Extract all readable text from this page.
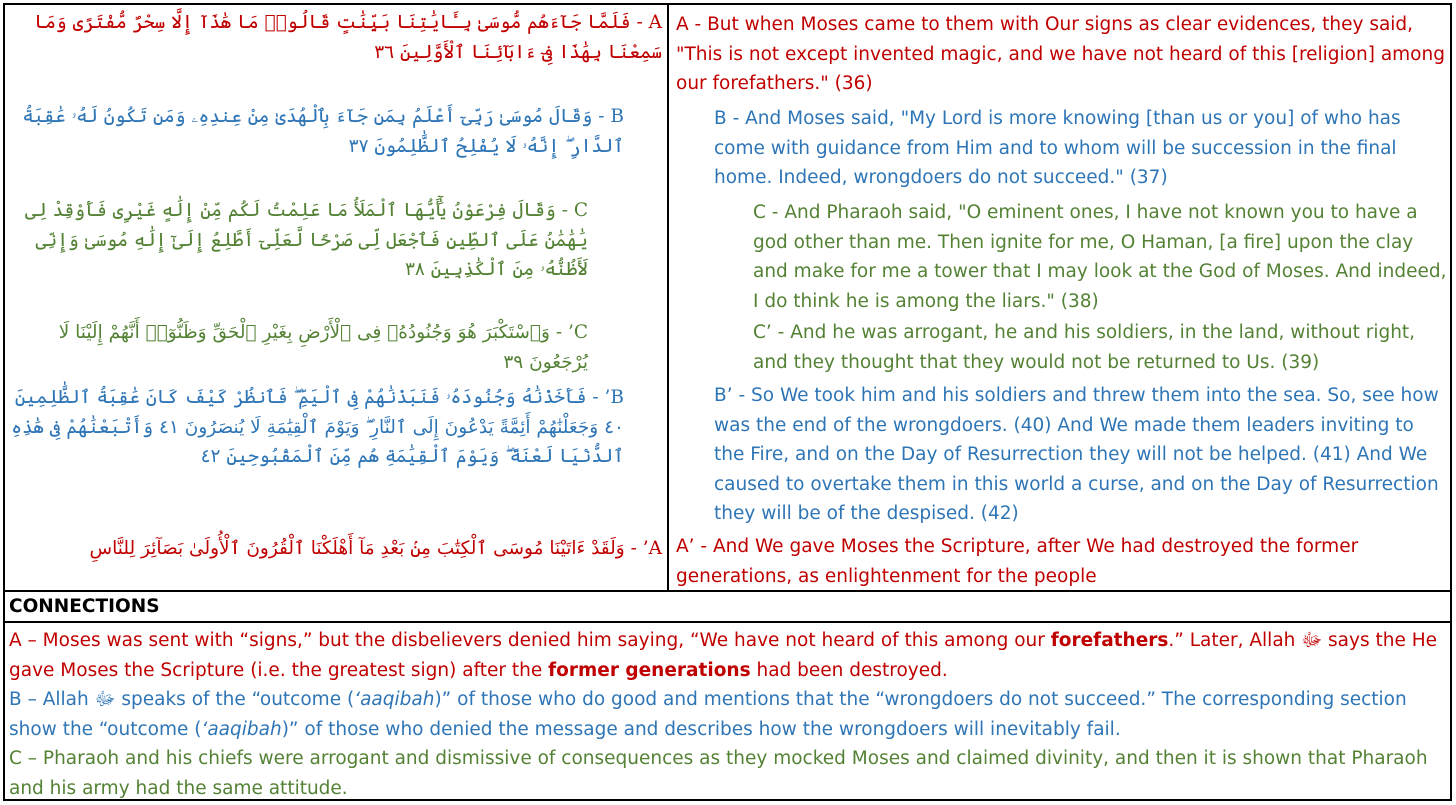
A - فَلَمَّا جَآءَهُم مُّوسَىٰ بِـَٔايَٰتِنَا بَيِّنَٰتٍ قَالُوا۟ مَا هَٰذَآ إِلَّا سِحْرٌ مُّفْتَرًى وَمَا سَمِعْنَا بِهَٰذَا فِىٓ ءَابَآئِنَا ٱلْأَوَّلِينَ ٣٦
B - وَقَالَ مُوسَىٰ رَبِّىٓ أَعْلَمُ بِمَن جَآءَ بِٱلْهُدَىٰ مِنْ عِندِهِۦ وَمَن تَكُونُ لَهُۥ عَٰقِبَةُ ٱلدَّارِ ۖ إِنَّهُۥ لَا يُفْلِحُ ٱلظَّٰلِمُونَ ٣٧
C - وَقَالَ فِرْعَوْنُ يَٰٓأَيُّهَا ٱلْمَلَأُ مَا عَلِمْتُ لَكُم مِّنْ إِلَٰهٍ غَيْرِى فَأَوْقِدْ لِى يَٰهَٰمَٰنُ عَلَى ٱلطِّينِ فَٱجْعَل لِّى صَرْحًا لَّعَلِّىٓ أَطَّلِعُ إِلَىٰٓ إِلَٰهِ مُوسَىٰ وَإِنِّى لَأَظُنُّهُۥ مِنَ ٱلْكَٰذِبِينَ ٣٨
C’ - وَٱسْتَكْبَرَ هُوَ وَجُنُودُهُۥ فِى ٱلْأَرْضِ بِغَيْرِ ٱلْحَقِّ وَظَنُّوٓا۟ أَنَّهُمْ إِلَيْنَا لَا يُرْجَعُونَ ٣٩
B’ - فَأَخَذْنَٰهُ وَجُنُودَهُۥ فَنَبَذْنَٰهُمْ فِى ٱلْيَمِّ ۖ فَٱنظُرْ كَيْفَ كَانَ عَٰقِبَةُ ٱلظَّٰلِمِينَ ٤٠ وَجَعَلْنَٰهُمْ أَئِمَّةً يَدْعُونَ إِلَى ٱلنَّارِ ۖ وَيَوْمَ ٱلْقِيَٰمَةِ لَا يُنصَرُونَ ٤١ وَأَتْبَعْنَٰهُمْ فِى هَٰذِهِ ٱلدُّنْيَا لَعْنَةً ۖ وَيَوْمَ ٱلْقِيَٰمَةِ هُم مِّنَ ٱلْمَقْبُوحِينَ ٤٢
A’ - وَلَقَدْ ءَاتَيْنَا مُوسَى ٱلْكِتَٰبَ مِنۢ بَعْدِ مَآ أَهْلَكْنَا ٱلْقُرُونَ ٱلْأُولَىٰ بَصَآئِرَ لِلنَّاسِ
A - But when Moses came to them with Our signs as clear evidences, they said, "This is not except invented magic, and we have not heard of this [religion] among our forefathers." (36)
B - And Moses said, "My Lord is more knowing [than us or you] of who has come with guidance from Him and to whom will be succession in the final home. Indeed, wrongdoers do not succeed." (37)
C - And Pharaoh said, "O eminent ones, I have not known you to have a god other than me. Then ignite for me, O Haman, [a fire] upon the clay and make for me a tower that I may look at the God of Moses. And indeed, I do think he is among the liars." (38)
C’ - And he was arrogant, he and his soldiers, in the land, without right, and they thought that they would not be returned to Us. (39)
B’ - So We took him and his soldiers and threw them into the sea. So, see how was the end of the wrongdoers. (40) And We made them leaders inviting to the Fire, and on the Day of Resurrection they will not be helped. (41) And We caused to overtake them in this world a curse, and on the Day of Resurrection they will be of the despised. (42)
A’ - And We gave Moses the Scripture, after We had destroyed the former generations, as enlightenment for the people
CONNECTIONS

A – Moses was sent with “signs,” but the disbelievers denied him saying, “We have not heard of this among our forefathers.” Later, Allah ﷻ says the He gave Moses the Scripture (i.e. the greatest sign) after the former generations had been destroyed.

B – Allah ﷻ speaks of the “outcome (‘aaqibah)” of those who do good and mentions that the “wrongdoers do not succeed.” The corresponding section show the “outcome (‘aaqibah)” of those who denied the message and describes how the wrongdoers will inevitably fail.

C – Pharaoh and his chiefs were arrogant and dismissive of consequences as they mocked Moses and claimed divinity, and then it is shown that Pharaoh and his army had the same attitude.
